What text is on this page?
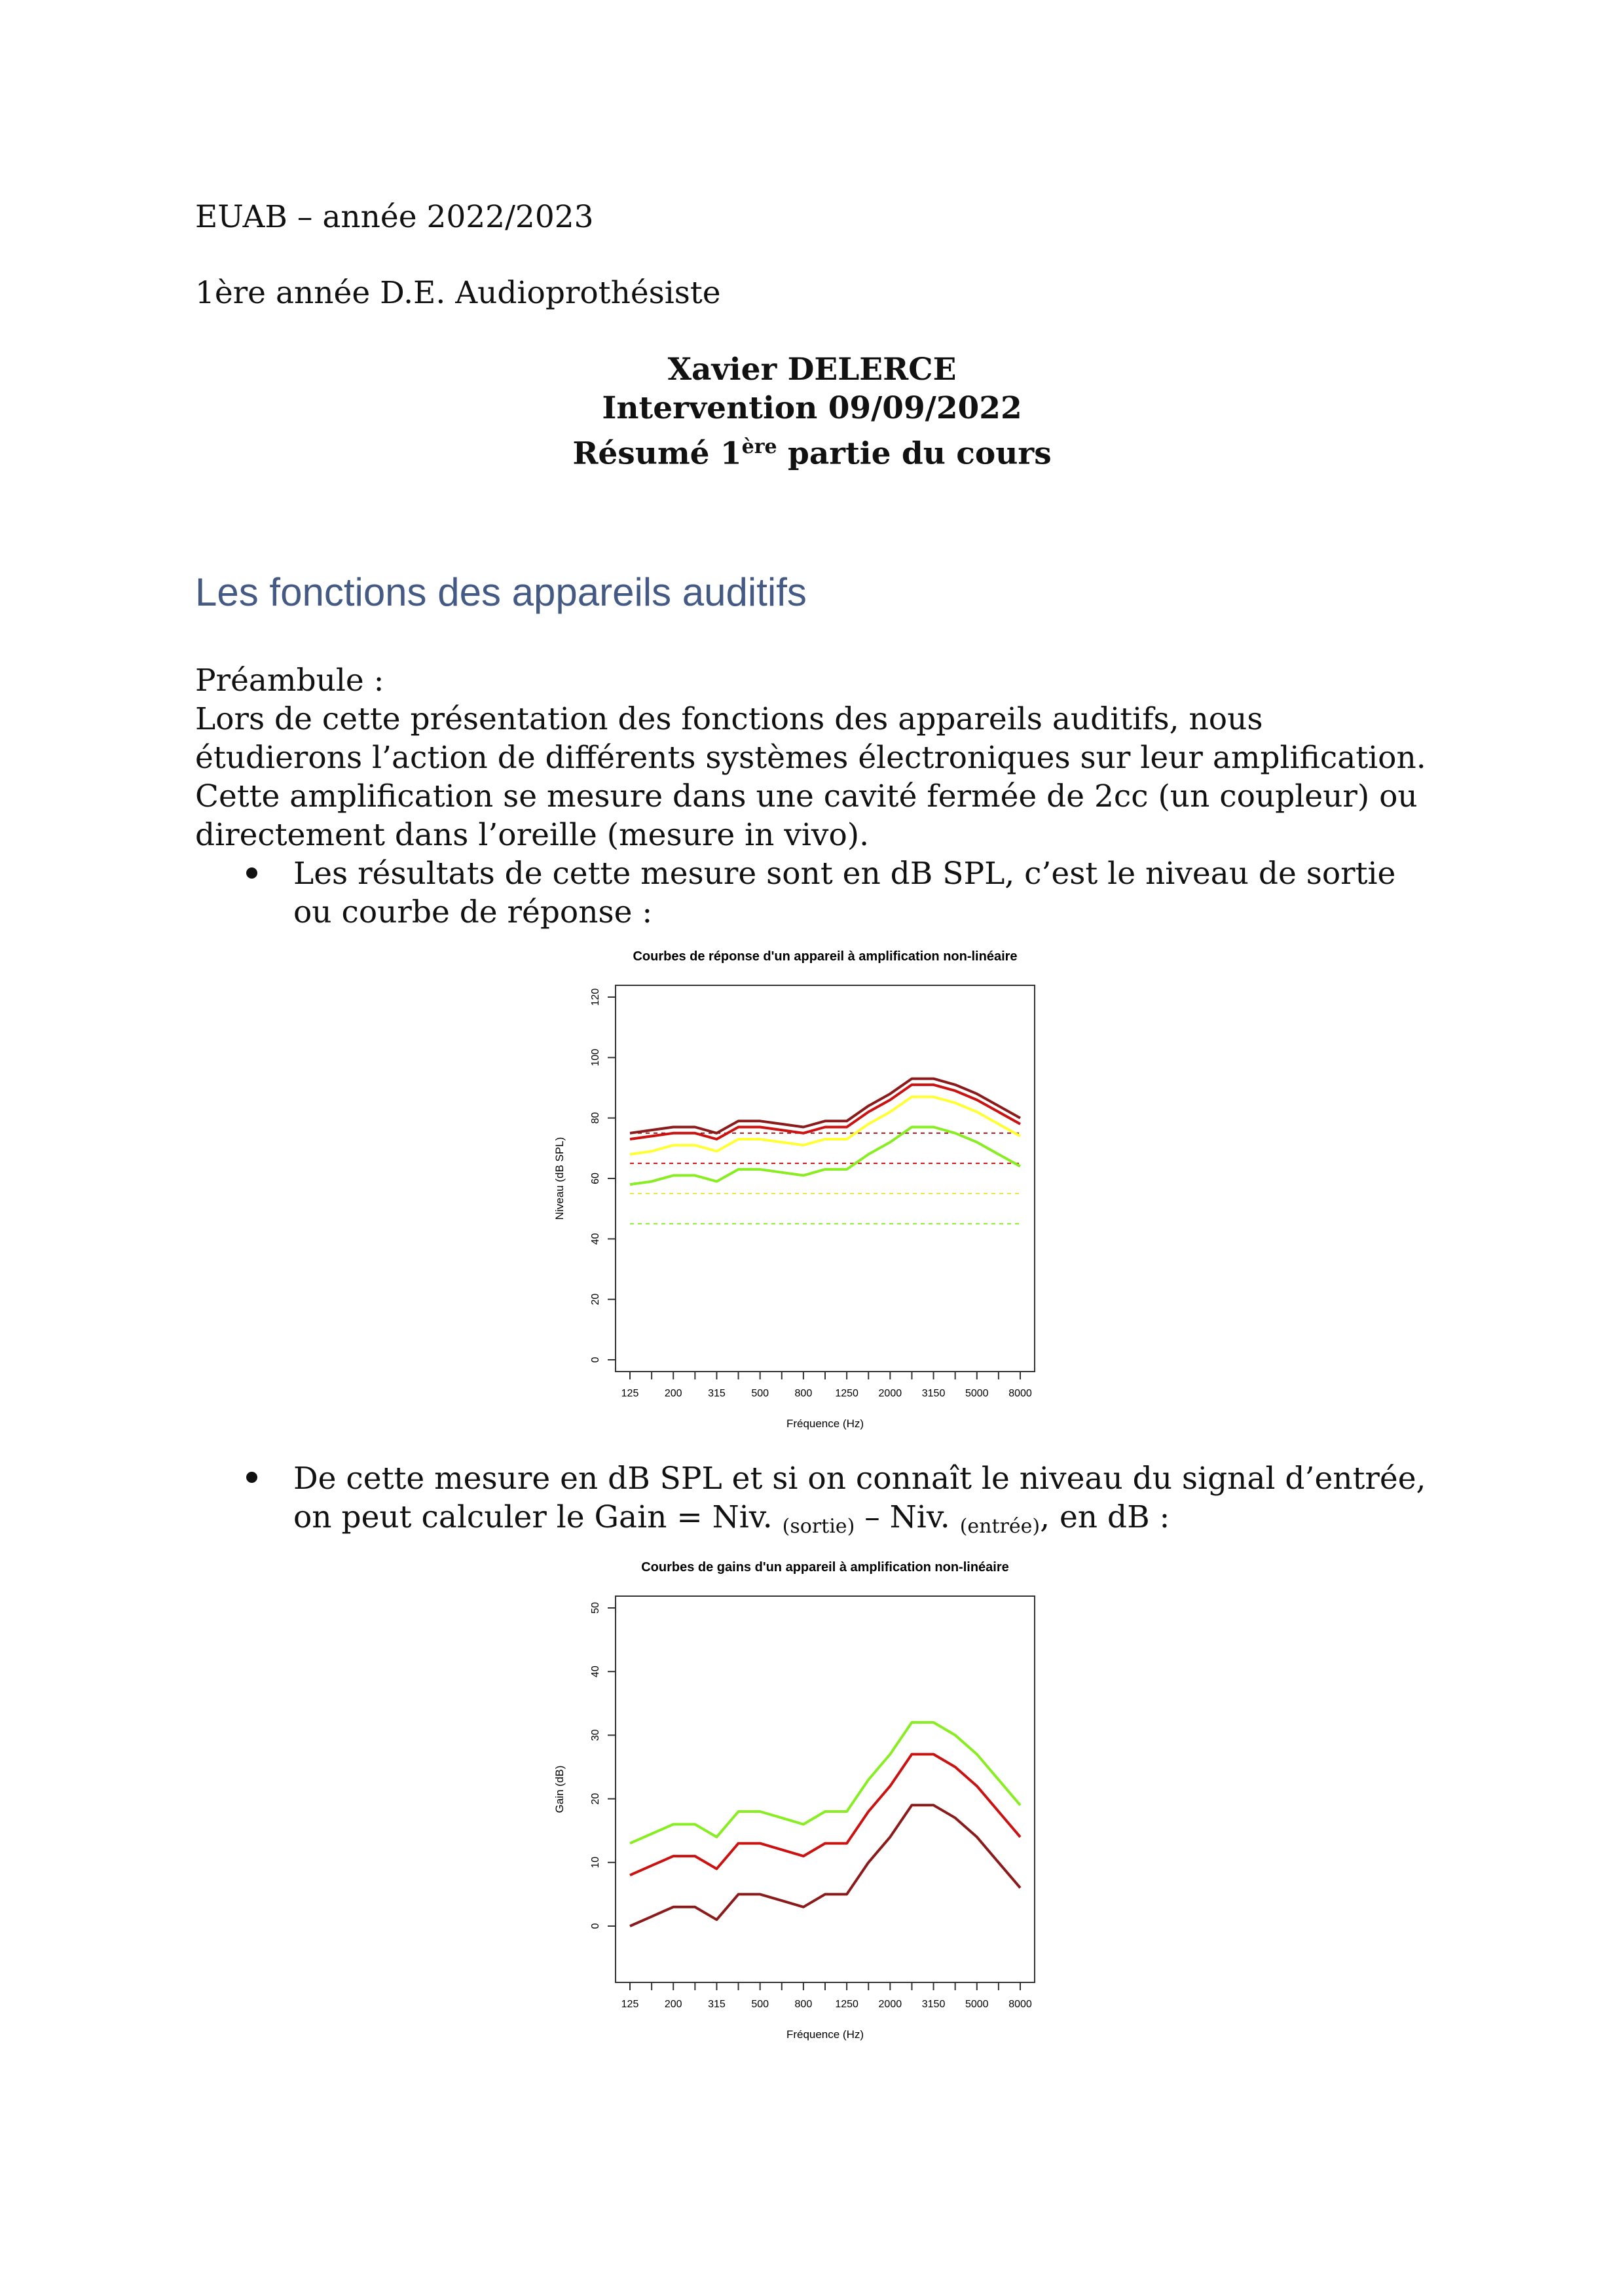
EUAB – année 2022/2023
1ère année D.E. Audioprothésiste
Xavier DELERCE
Intervention 09/09/2022
Résumé 1ère partie du cours
Les fonctions des appareils auditifs
Préambule :
Lors de cette présentation des fonctions des appareils auditifs, nous étudierons l’action de différents systèmes électroniques sur leur amplification. Cette amplification se mesure dans une cavité fermée de 2cc (un coupleur) ou directement dans l’oreille (mesure in vivo).
Les résultats de cette mesure sont en dB SPL, c’est le niveau de sortie ou courbe de réponse :
Courbes de réponse d'un appareil à amplification non-linéaire
0
20
40
60
80
100
120
125 200 315 500 800 1250 2000 3150 5000 8000
Fréquence (Hz)
Niveau (dB SPL)
De cette mesure en dB SPL et si on connaît le niveau du signal d’entrée, on peut calculer le Gain = Niv. $_{(sortie)}$ – Niv. $_{(entrée)}$, en dB :
Courbes de gains d'un appareil à amplification non-linéaire
0
10
20
30
40
50
125 200 315 500 800 1250 2000 3150 5000 8000
Fréquence (Hz)
Gain (dB)
